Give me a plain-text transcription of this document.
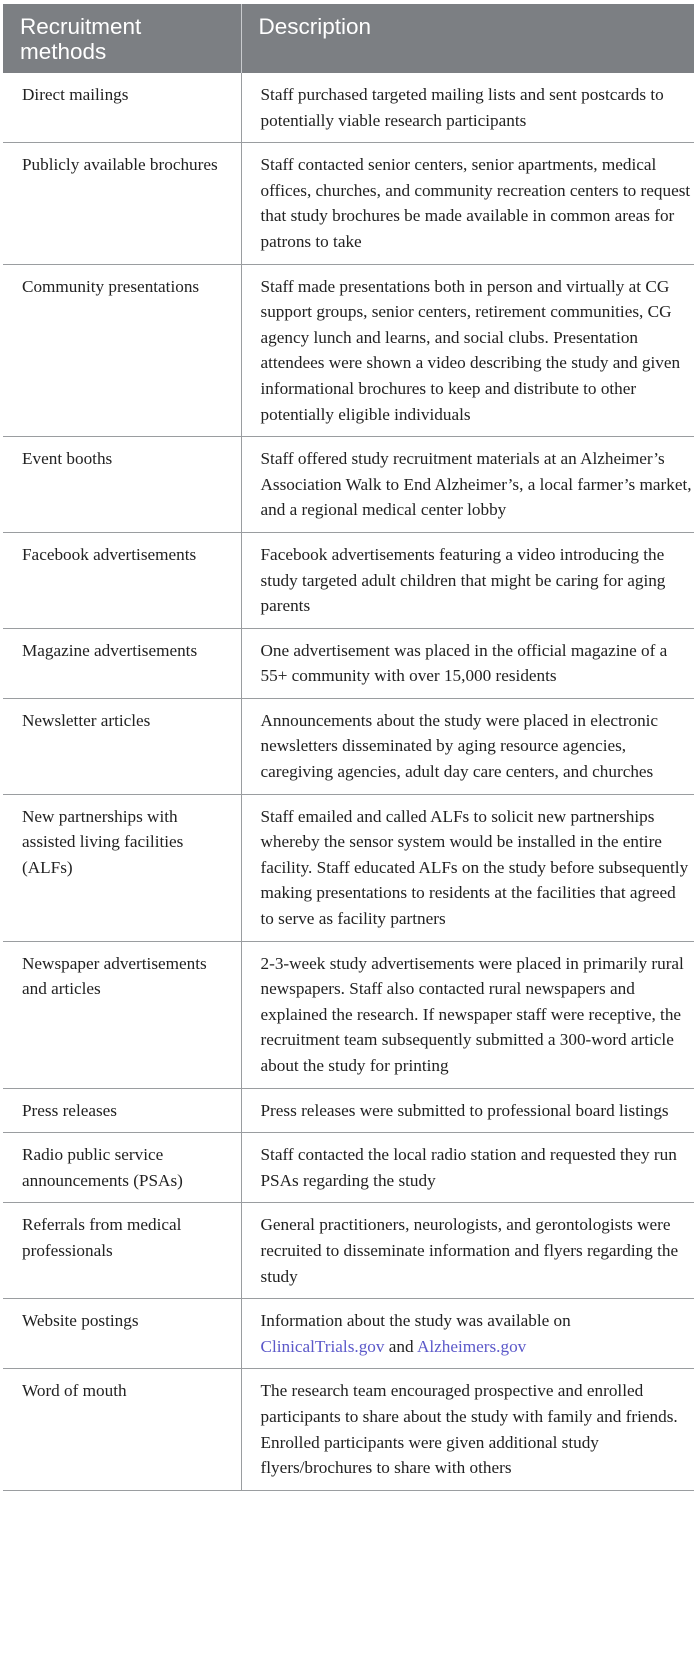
Recruitment methods	Description
Direct mailings	Staff purchased targeted mailing lists and sent postcards to potentially viable research participants
Publicly available brochures	Staff contacted senior centers, senior apartments, medical offices, churches, and community recreation centers to request that study brochures be made available in common areas for patrons to take
Community presentations	Staff made presentations both in person and virtually at CG support groups, senior centers, retirement communities, CG agency lunch and learns, and social clubs. Presentation attendees were shown a video describing the study and given informational brochures to keep and distribute to other potentially eligible individuals
Event booths	Staff offered study recruitment materials at an Alzheimer’s Association Walk to End Alzheimer’s, a local farmer’s market, and a regional medical center lobby
Facebook advertisements	Facebook advertisements featuring a video introducing the study targeted adult children that might be caring for aging parents
Magazine advertisements	One advertisement was placed in the official magazine of a 55+ community with over 15,000 residents
Newsletter articles	Announcements about the study were placed in electronic newsletters disseminated by aging resource agencies, caregiving agencies, adult day care centers, and churches
New partnerships with assisted living facilities (ALFs)	Staff emailed and called ALFs to solicit new partnerships whereby the sensor system would be installed in the entire facility. Staff educated ALFs on the study before subsequently making presentations to residents at the facilities that agreed to serve as facility partners
Newspaper advertisements and articles	2-3-week study advertisements were placed in primarily rural newspapers. Staff also contacted rural newspapers and explained the research. If newspaper staff were receptive, the recruitment team subsequently submitted a 300-word article about the study for printing
Press releases	Press releases were submitted to professional board listings
Radio public service announcements (PSAs)	Staff contacted the local radio station and requested they run PSAs regarding the study
Referrals from medical professionals	General practitioners, neurologists, and gerontologists were recruited to disseminate information and flyers regarding the study
Website postings	Information about the study was available on ClinicalTrials.gov and Alzheimers.gov
Word of mouth	The research team encouraged prospective and enrolled participants to share about the study with family and friends. Enrolled participants were given additional study flyers/brochures to share with others
